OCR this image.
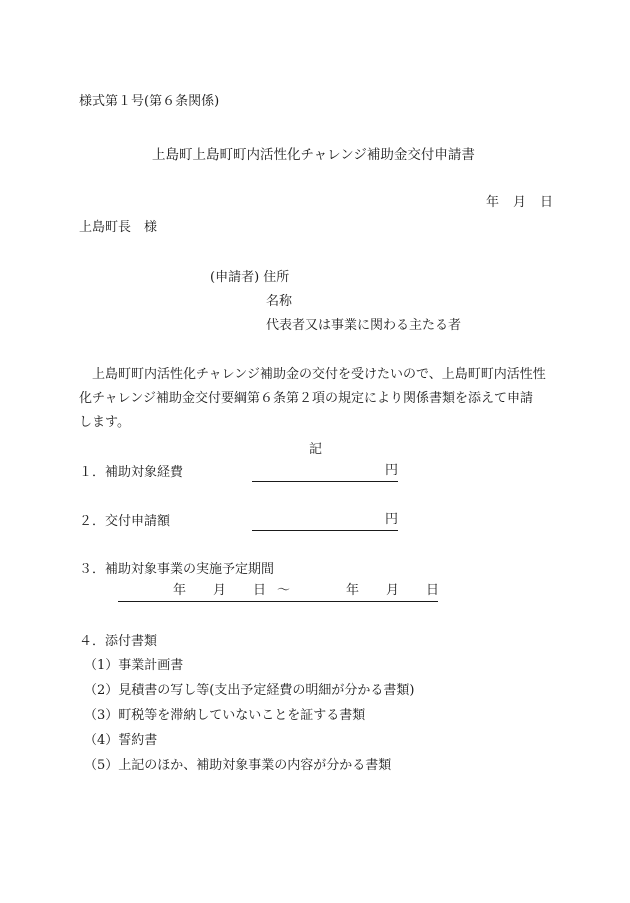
様式第１号(第６条関係)
上島町上島町町内活性化チャレンジ補助金交付申請書
年 月 日
上島町長　様
(申請者) 住所
名称
代表者又は事業に関わる主たる者
　上島町町内活性化チャレンジ補助金の交付を受けたいので、上島町町内活性性
化チャレンジ補助金交付要綱第６条第２項の規定により関係書類を添えて申請
します。
記
１．補助対象経費	円
２．交付申請額	円
３．補助対象事業の実施予定期間
年 月 日 ～	年 月 日
４．添付書類
（1）事業計画書
（2）見積書の写し等(支出予定経費の明細が分かる書類)
（3）町税等を滞納していないことを証する書類
（4）誓約書
（5）上記のほか、補助対象事業の内容が分かる書類
